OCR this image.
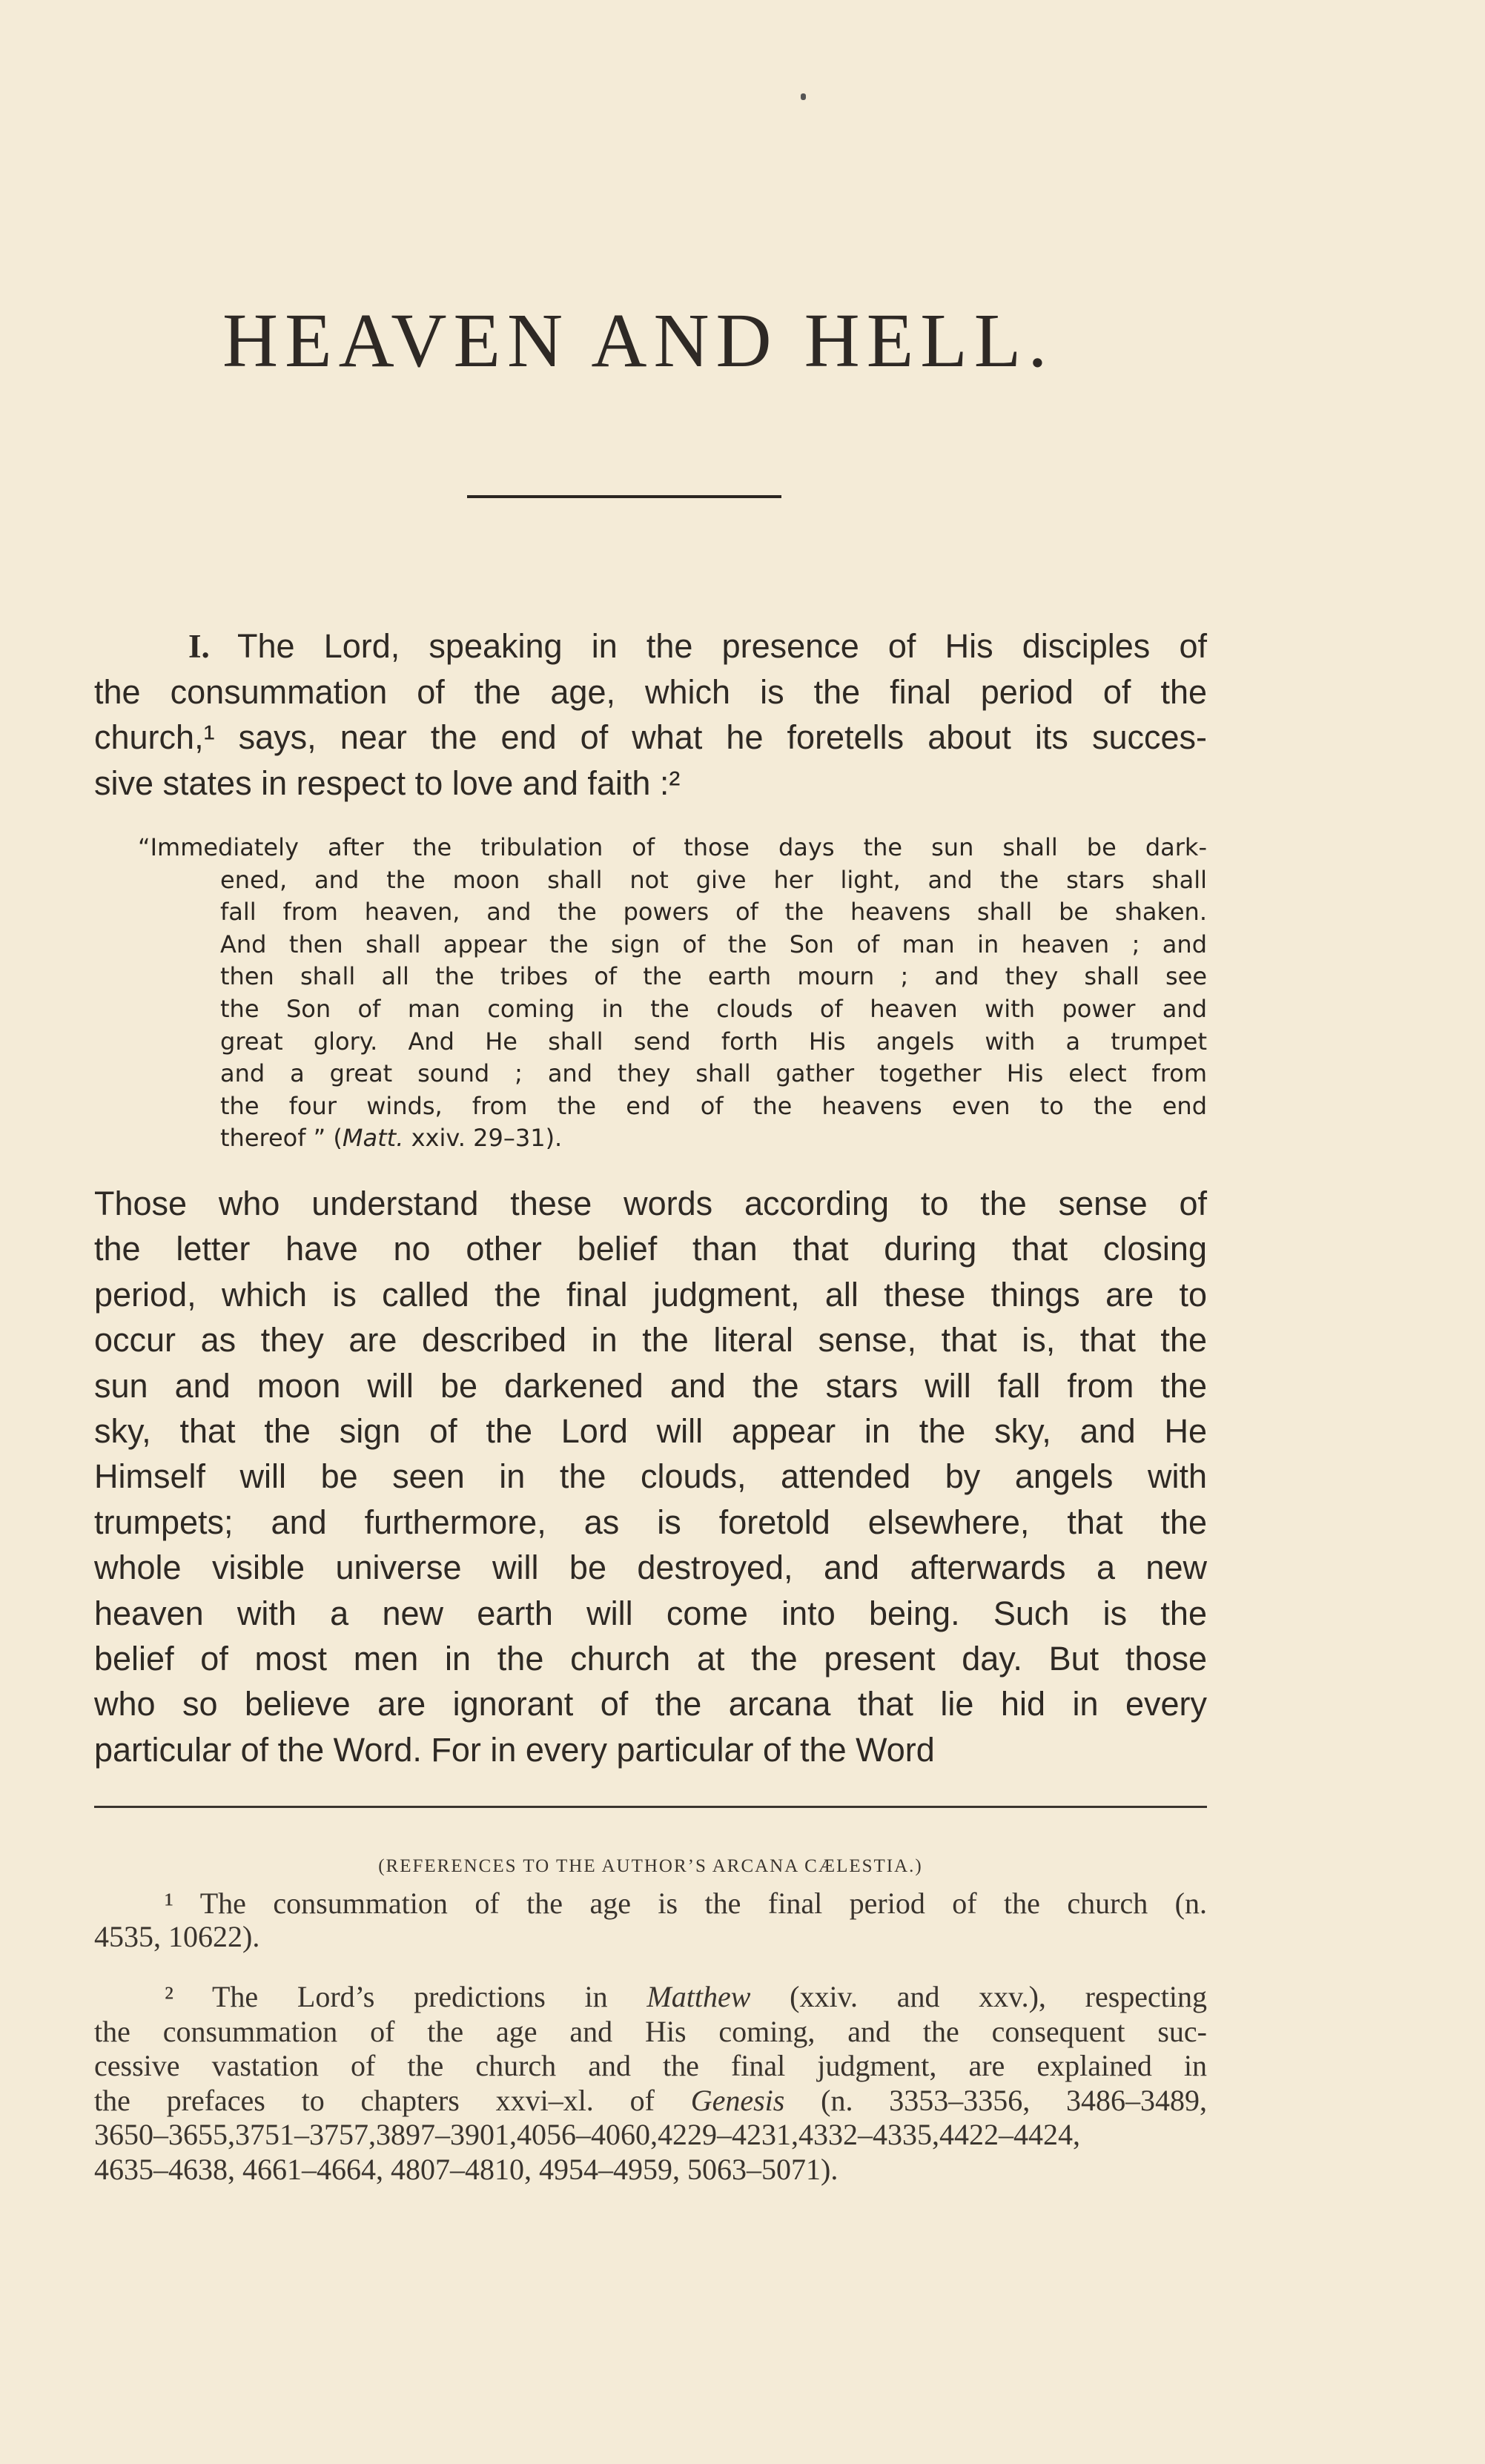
HEAVEN AND HELL.
The Lord, speaking in the presence of His disciples of
the consummation of the age, which is the final period of the
church,¹ says, near the end of what he foretells about its succes-
sive states in respect to love and faith :²
I.
“Immediately after the tribulation of those days the sun shall be dark-
ened, and the moon shall not give her light, and the stars shall
fall from heaven, and the powers of the heavens shall be shaken.
And then shall appear the sign of the Son of man in heaven ; and
then shall all the tribes of the earth mourn ; and they shall see
the Son of man coming in the clouds of heaven with power and
great glory. And He shall send forth His angels with a trumpet
and a great sound ; and they shall gather together His elect from
the four winds, from the end of the heavens even to the end
thereof ” (Matt. xxiv. 29–31).
Those who understand these words according to the sense of
the letter have no other belief than that during that closing
period, which is called the final judgment, all these things are to
occur as they are described in the literal sense, that is, that the
sun and moon will be darkened and the stars will fall from the
sky, that the sign of the Lord will appear in the sky, and He
Himself will be seen in the clouds, attended by angels with
trumpets; and furthermore, as is foretold elsewhere, that the
whole visible universe will be destroyed, and afterwards a new
heaven with a new earth will come into being. Such is the
belief of most men in the church at the present day. But those
who so believe are ignorant of the arcana that lie hid in every
particular of the Word. For in every particular of the Word
(REFERENCES TO THE AUTHOR’S ARCANA CÆLESTIA.)
¹ The consummation of the age is the final period of the church (n.
4535, 10622).
² The Lord’s predictions in Matthew (xxiv. and xxv.), respecting
the consummation of the age and His coming, and the consequent suc-
cessive vastation of the church and the final judgment, are explained in
the prefaces to chapters xxvi–xl. of Genesis (n. 3353–3356, 3486–3489,
3650–3655,3751–3757,3897–3901,4056–4060,4229–4231,4332–4335,4422–4424,
4635–4638, 4661–4664, 4807–4810, 4954–4959, 5063–5071).
